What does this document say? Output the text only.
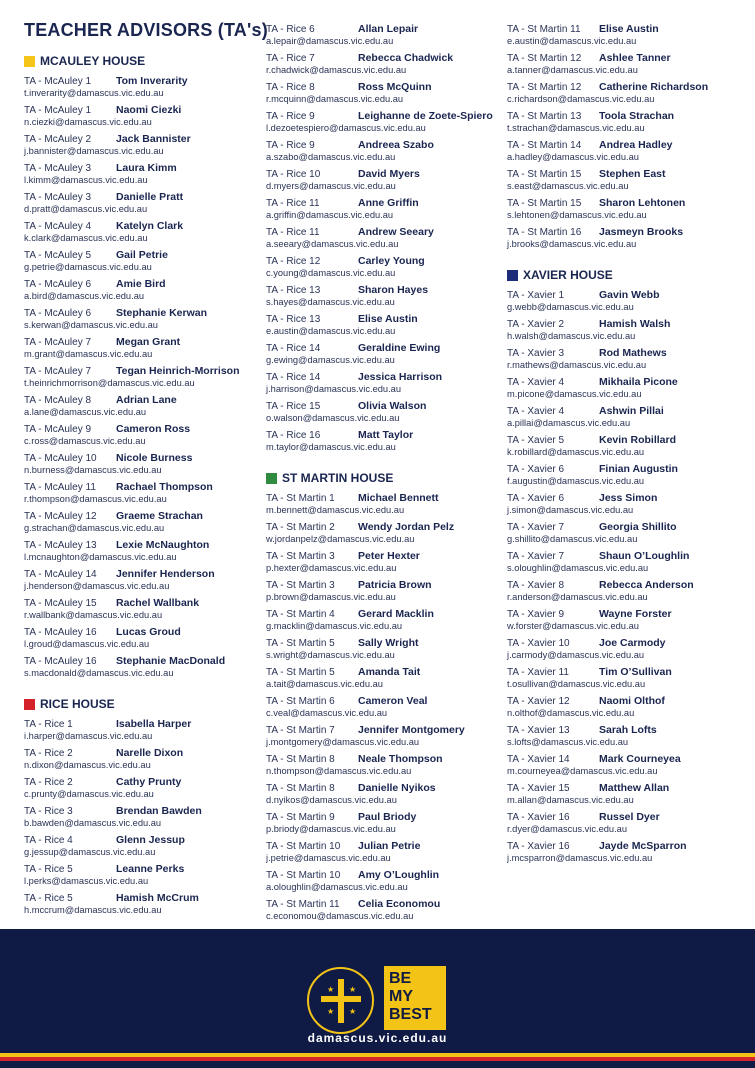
TEACHER ADVISORS (TA's)
MCAULEY HOUSE
TA - McAuley 1	Tom Inverarity
t.inverarity@damascus.vic.edu.au
TA - McAuley 1	Naomi Ciezki
n.ciezki@damascus.vic.edu.au
TA - McAuley 2	Jack Bannister
j.bannister@damascus.vic.edu.au
TA - McAuley 3	Laura Kimm
l.kimm@damascus.vic.edu.au
TA - McAuley 3	Danielle Pratt
d.pratt@damascus.vic.edu.au
TA - McAuley 4	Katelyn Clark
k.clark@damascus.vic.edu.au
TA - McAuley 5	Gail Petrie
g.petrie@damascus.vic.edu.au
TA - McAuley 6	Amie Bird
a.bird@damascus.vic.edu.au
TA - McAuley 6	Stephanie Kerwan
s.kerwan@damascus.vic.edu.au
TA - McAuley 7	Megan Grant
m.grant@damascus.vic.edu.au
TA - McAuley 7	Tegan Heinrich-Morrison
t.heinrichmorrison@damascus.vic.edu.au
TA - McAuley 8	Adrian Lane
a.lane@damascus.vic.edu.au
TA - McAuley 9	Cameron Ross
c.ross@damascus.vic.edu.au
TA - McAuley 10	Nicole Burness
n.burness@damascus.vic.edu.au
TA - McAuley 11	Rachael Thompson
r.thompson@damascus.vic.edu.au
TA - McAuley 12	Graeme Strachan
g.strachan@damascus.vic.edu.au
TA - McAuley 13	Lexie McNaughton
l.mcnaughton@damascus.vic.edu.au
TA - McAuley 14	Jennifer Henderson
j.henderson@damascus.vic.edu.au
TA - McAuley 15	Rachel Wallbank
r.wallbank@damascus.vic.edu.au
TA - McAuley 16	Lucas Groud
l.groud@damascus.vic.edu.au
TA - McAuley 16	Stephanie MacDonald
s.macdonald@damascus.vic.edu.au
RICE HOUSE
TA - Rice 1	Isabella Harper
i.harper@damascus.vic.edu.au
TA - Rice 2	Narelle Dixon
n.dixon@damascus.vic.edu.au
TA - Rice 2	Cathy Prunty
c.prunty@damascus.vic.edu.au
TA - Rice 3	Brendan Bawden
b.bawden@damascus.vic.edu.au
TA - Rice 4	Glenn Jessup
g.jessup@damascus.vic.edu.au
TA - Rice 5	Leanne Perks
l.perks@damascus.vic.edu.au
TA - Rice 5	Hamish McCrum
h.mccrum@damascus.vic.edu.au
TA - Rice 6	Allan Lepair
a.lepair@damascus.vic.edu.au
TA - Rice 7	Rebecca Chadwick
r.chadwick@damascus.vic.edu.au
TA - Rice 8	Ross McQuinn
r.mcquinn@damascus.vic.edu.au
TA - Rice 9	Leighanne de Zoete-Spiero
l.dezoetespiero@damascus.vic.edu.au
TA - Rice 9	Andreea Szabo
a.szabo@damascus.vic.edu.au
TA - Rice 10	David Myers
d.myers@damascus.vic.edu.au
TA - Rice 11	Anne Griffin
a.griffin@damascus.vic.edu.au
TA - Rice 11	Andrew Seeary
a.seeary@damascus.vic.edu.au
TA - Rice 12	Carley Young
c.young@damascus.vic.edu.au
TA - Rice 13	Sharon Hayes
s.hayes@damascus.vic.edu.au
TA - Rice 13	Elise Austin
e.austin@damascus.vic.edu.au
TA - Rice 14	Geraldine Ewing
g.ewing@damascus.vic.edu.au
TA - Rice 14	Jessica Harrison
j.harrison@damascus.vic.edu.au
TA - Rice 15	Olivia Walson
o.walson@damascus.vic.edu.au
TA - Rice 16	Matt Taylor
m.taylor@damascus.vic.edu.au
ST MARTIN HOUSE
TA - St Martin 1	Michael Bennett
m.bennett@damascus.vic.edu.au
TA - St Martin 2	Wendy Jordan Pelz
w.jordanpelz@damascus.vic.edu.au
TA - St Martin 3	Peter Hexter
p.hexter@damascus.vic.edu.au
TA - St Martin 3	Patricia Brown
p.brown@damascus.vic.edu.au
TA - St Martin 4	Gerard Macklin
g.macklin@damascus.vic.edu.au
TA - St Martin 5	Sally Wright
s.wright@damascus.vic.edu.au
TA - St Martin 5	Amanda Tait
a.tait@damascus.vic.edu.au
TA - St Martin 6	Cameron Veal
c.veal@damascus.vic.edu.au
TA - St Martin 7	Jennifer Montgomery
j.montgomery@damascus.vic.edu.au
TA - St Martin 8	Neale Thompson
n.thompson@damascus.vic.edu.au
TA - St Martin 8	Danielle Nyikos
d.nyikos@damascus.vic.edu.au
TA - St Martin 9	Paul Briody
p.briody@damascus.vic.edu.au
TA - St Martin 10	Julian Petrie
j.petrie@damascus.vic.edu.au
TA - St Martin 10	Amy O’Loughlin
a.oloughlin@damascus.vic.edu.au
TA - St Martin 11	Celia Economou
c.economou@damascus.vic.edu.au
TA - St Martin 11	Elise Austin
e.austin@damascus.vic.edu.au
TA - St Martin 12	Ashlee Tanner
a.tanner@damascus.vic.edu.au
TA - St Martin 12	Catherine Richardson
c.richardson@damascus.vic.edu.au
TA - St Martin 13	Toola Strachan
t.strachan@damascus.vic.edu.au
TA - St Martin 14	Andrea Hadley
a.hadley@damascus.vic.edu.au
TA - St Martin 15	Stephen East
s.east@damascus.vic.edu.au
TA - St Martin 15	Sharon Lehtonen
s.lehtonen@damascus.vic.edu.au
TA - St Martin 16	Jasmeyn Brooks
j.brooks@damascus.vic.edu.au
XAVIER HOUSE
TA - Xavier 1	Gavin Webb
g.webb@damascus.vic.edu.au
TA - Xavier 2	Hamish Walsh
h.walsh@damascus.vic.edu.au
TA - Xavier 3	Rod Mathews
r.mathews@damascus.vic.edu.au
TA - Xavier 4	Mikhaila Picone
m.picone@damascus.vic.edu.au
TA - Xavier 4	Ashwin Pillai
a.pillai@damascus.vic.edu.au
TA - Xavier 5	Kevin Robillard
k.robillard@damascus.vic.edu.au
TA - Xavier 6	Finian Augustin
f.augustin@damascus.vic.edu.au
TA - Xavier 6	Jess Simon
j.simon@damascus.vic.edu.au
TA - Xavier 7	Georgia Shillito
g.shillito@damascus.vic.edu.au
TA - Xavier 7	Shaun O’Loughlin
s.oloughlin@damascus.vic.edu.au
TA - Xavier 8	Rebecca Anderson
r.anderson@damascus.vic.edu.au
TA - Xavier 9	Wayne Forster
w.forster@damascus.vic.edu.au
TA - Xavier 10	Joe Carmody
j.carmody@damascus.vic.edu.au
TA - Xavier 11	Tim O’Sullivan
t.osullivan@damascus.vic.edu.au
TA - Xavier 12	Naomi Olthof
n.olthof@damascus.vic.edu.au
TA - Xavier 13	Sarah Lofts
s.lofts@damascus.vic.edu.au
TA - Xavier 14	Mark Courneyea
m.courneyea@damascus.vic.edu.au
TA - Xavier 15	Matthew Allan
m.allan@damascus.vic.edu.au
TA - Xavier 16	Russel Dyer
r.dyer@damascus.vic.edu.au
TA - Xavier 16	Jayde McSparron
j.mcsparron@damascus.vic.edu.au
★ ★
★ ★
BE
MY
BEST
damascus.vic.edu.au
